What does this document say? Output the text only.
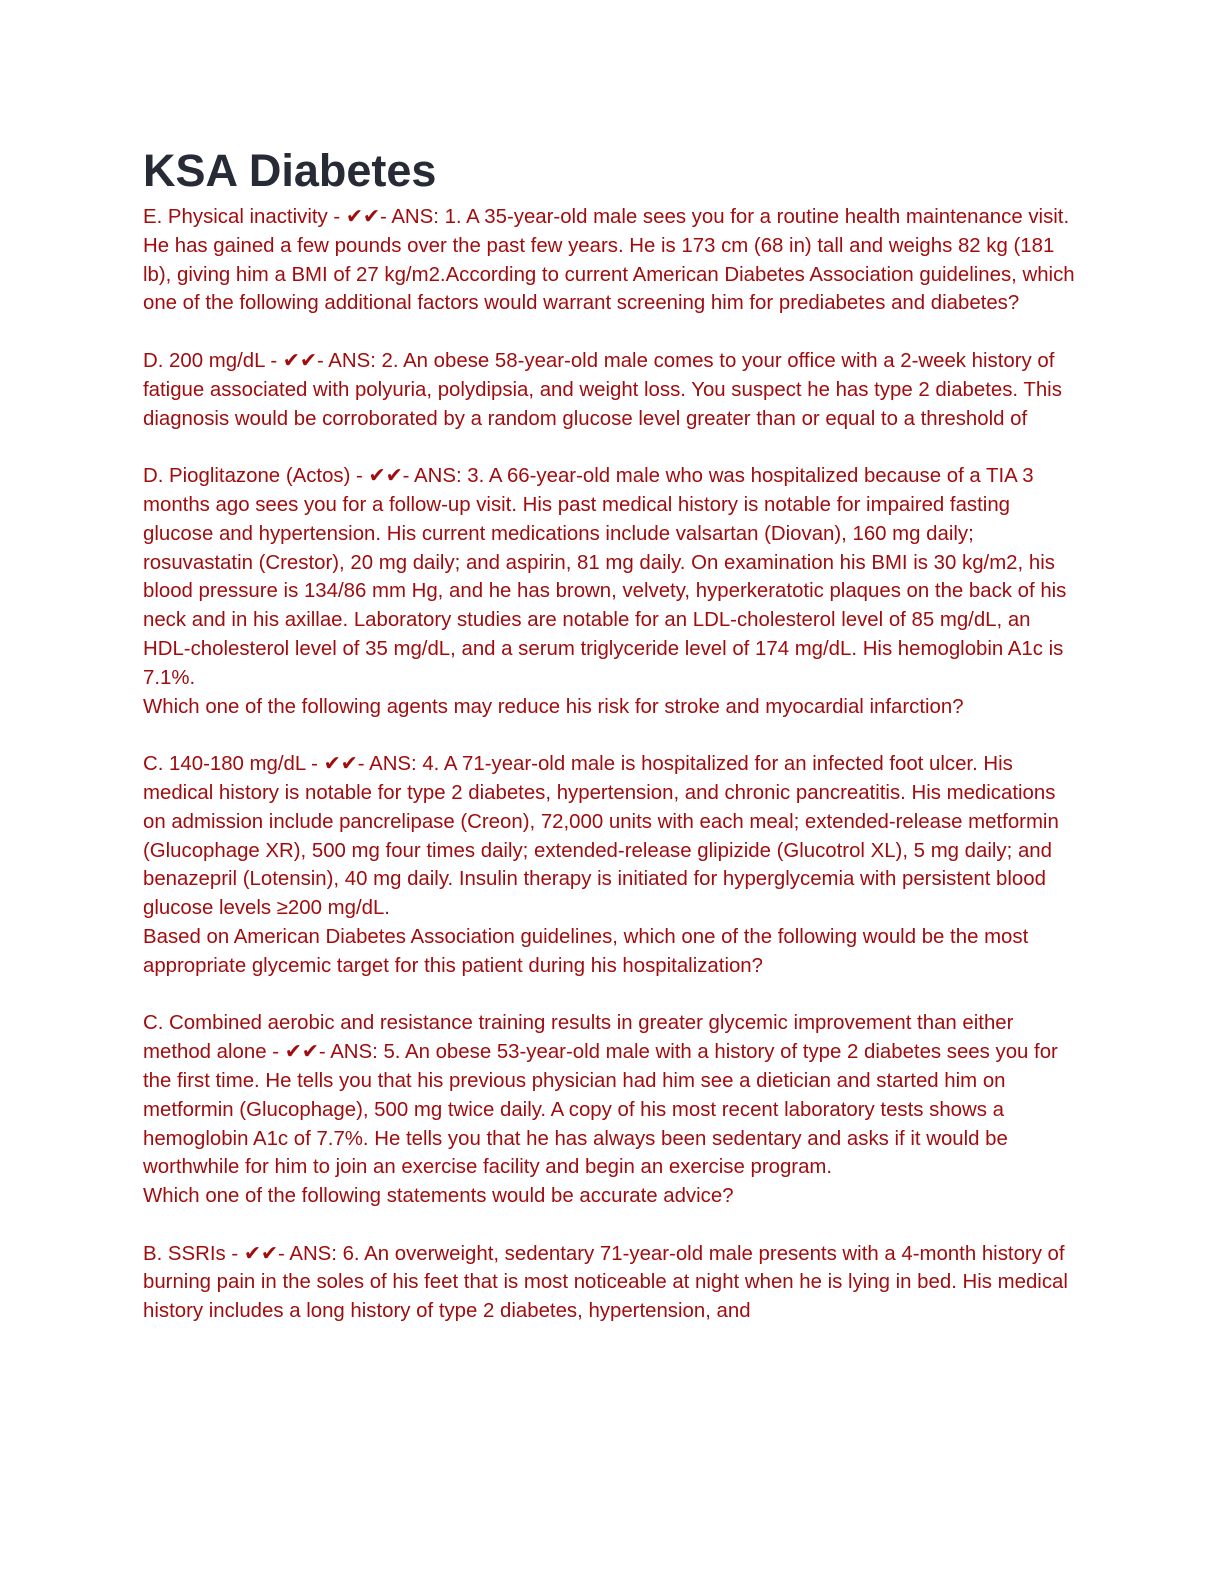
KSA Diabetes

E. Physical inactivity - ✔✔- ANS: 1. A 35-year-old male sees you for a routine health maintenance visit. He has gained a few pounds over the past few years. He is 173 cm (68 in) tall and weighs 82 kg (181 lb), giving him a BMI of 27 kg/m2.According to current American Diabetes Association guidelines, which one of the following additional factors would warrant screening him for prediabetes and diabetes?

D. 200 mg/dL - ✔✔- ANS: 2. An obese 58-year-old male comes to your office with a 2-week history of fatigue associated with polyuria, polydipsia, and weight loss. You suspect he has type 2 diabetes. This diagnosis would be corroborated by a random glucose level greater than or equal to a threshold of

D. Pioglitazone (Actos) - ✔✔- ANS: 3. A 66-year-old male who was hospitalized because of a TIA 3 months ago sees you for a follow-up visit. His past medical history is notable for impaired fasting glucose and hypertension. His current medications include valsartan (Diovan), 160 mg daily; rosuvastatin (Crestor), 20 mg daily; and aspirin, 81 mg daily. On examination his BMI is 30 kg/m2, his blood pressure is 134/86 mm Hg, and he has brown, velvety, hyperkeratotic plaques on the back of his neck and in his axillae. Laboratory studies are notable for an LDL-cholesterol level of 85 mg/dL, an HDL-cholesterol level of 35 mg/dL, and a serum triglyceride level of 174 mg/dL. His hemoglobin A1c is 7.1%.
Which one of the following agents may reduce his risk for stroke and myocardial infarction?

C. 140-180 mg/dL - ✔✔- ANS: 4. A 71-year-old male is hospitalized for an infected foot ulcer. His medical history is notable for type 2 diabetes, hypertension, and chronic pancreatitis. His medications on admission include pancrelipase (Creon), 72,000 units with each meal; extended-release metformin (Glucophage XR), 500 mg four times daily; extended-release glipizide (Glucotrol XL), 5 mg daily; and benazepril (Lotensin), 40 mg daily. Insulin therapy is initiated for hyperglycemia with persistent blood glucose levels ≥200 mg/dL.
Based on American Diabetes Association guidelines, which one of the following would be the most appropriate glycemic target for this patient during his hospitalization?

C. Combined aerobic and resistance training results in greater glycemic improvement than either method alone - ✔✔- ANS: 5. An obese 53-year-old male with a history of type 2 diabetes sees you for the first time. He tells you that his previous physician had him see a dietician and started him on metformin (Glucophage), 500 mg twice daily. A copy of his most recent laboratory tests shows a hemoglobin A1c of 7.7%. He tells you that he has always been sedentary and asks if it would be worthwhile for him to join an exercise facility and begin an exercise program.
Which one of the following statements would be accurate advice?

B. SSRIs - ✔✔- ANS: 6. An overweight, sedentary 71-year-old male presents with a 4-month history of burning pain in the soles of his feet that is most noticeable at night when he is lying in bed. His medical history includes a long history of type 2 diabetes, hypertension, and
